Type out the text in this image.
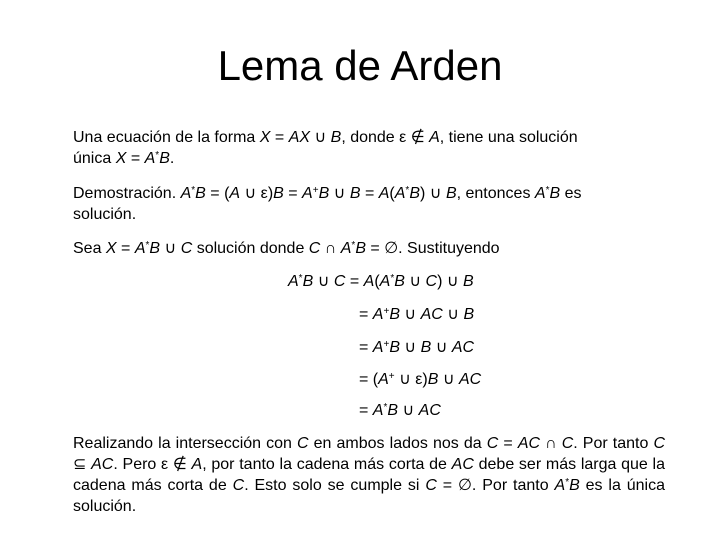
Lema de Arden
Una ecuación de la forma X = AX ∪ B, donde ε ∉ A, tiene una solución
única X = A*B.
Demostración. A*B = (A ∪ ε)B = A+B ∪ B = A(A*B) ∪ B, entonces A*B es
solución.
Sea X = A*B ∪ C solución donde C ∩ A*B = ∅. Sustituyendo
A*B ∪ C = A(A*B ∪ C) ∪ B
= A+B ∪ AC ∪ B
= A+B ∪ B ∪ AC
= (A+ ∪ ε)B ∪ AC
= A*B ∪ AC
Realizando la intersección con C en ambos lados nos da C = AC ∩ C. Por tanto C ⊆ AC. Pero ε ∉ A, por tanto la cadena más corta de AC debe ser más larga que la cadena más corta de C. Esto solo se cumple si C = ∅. Por tanto A*B es la única solución.
